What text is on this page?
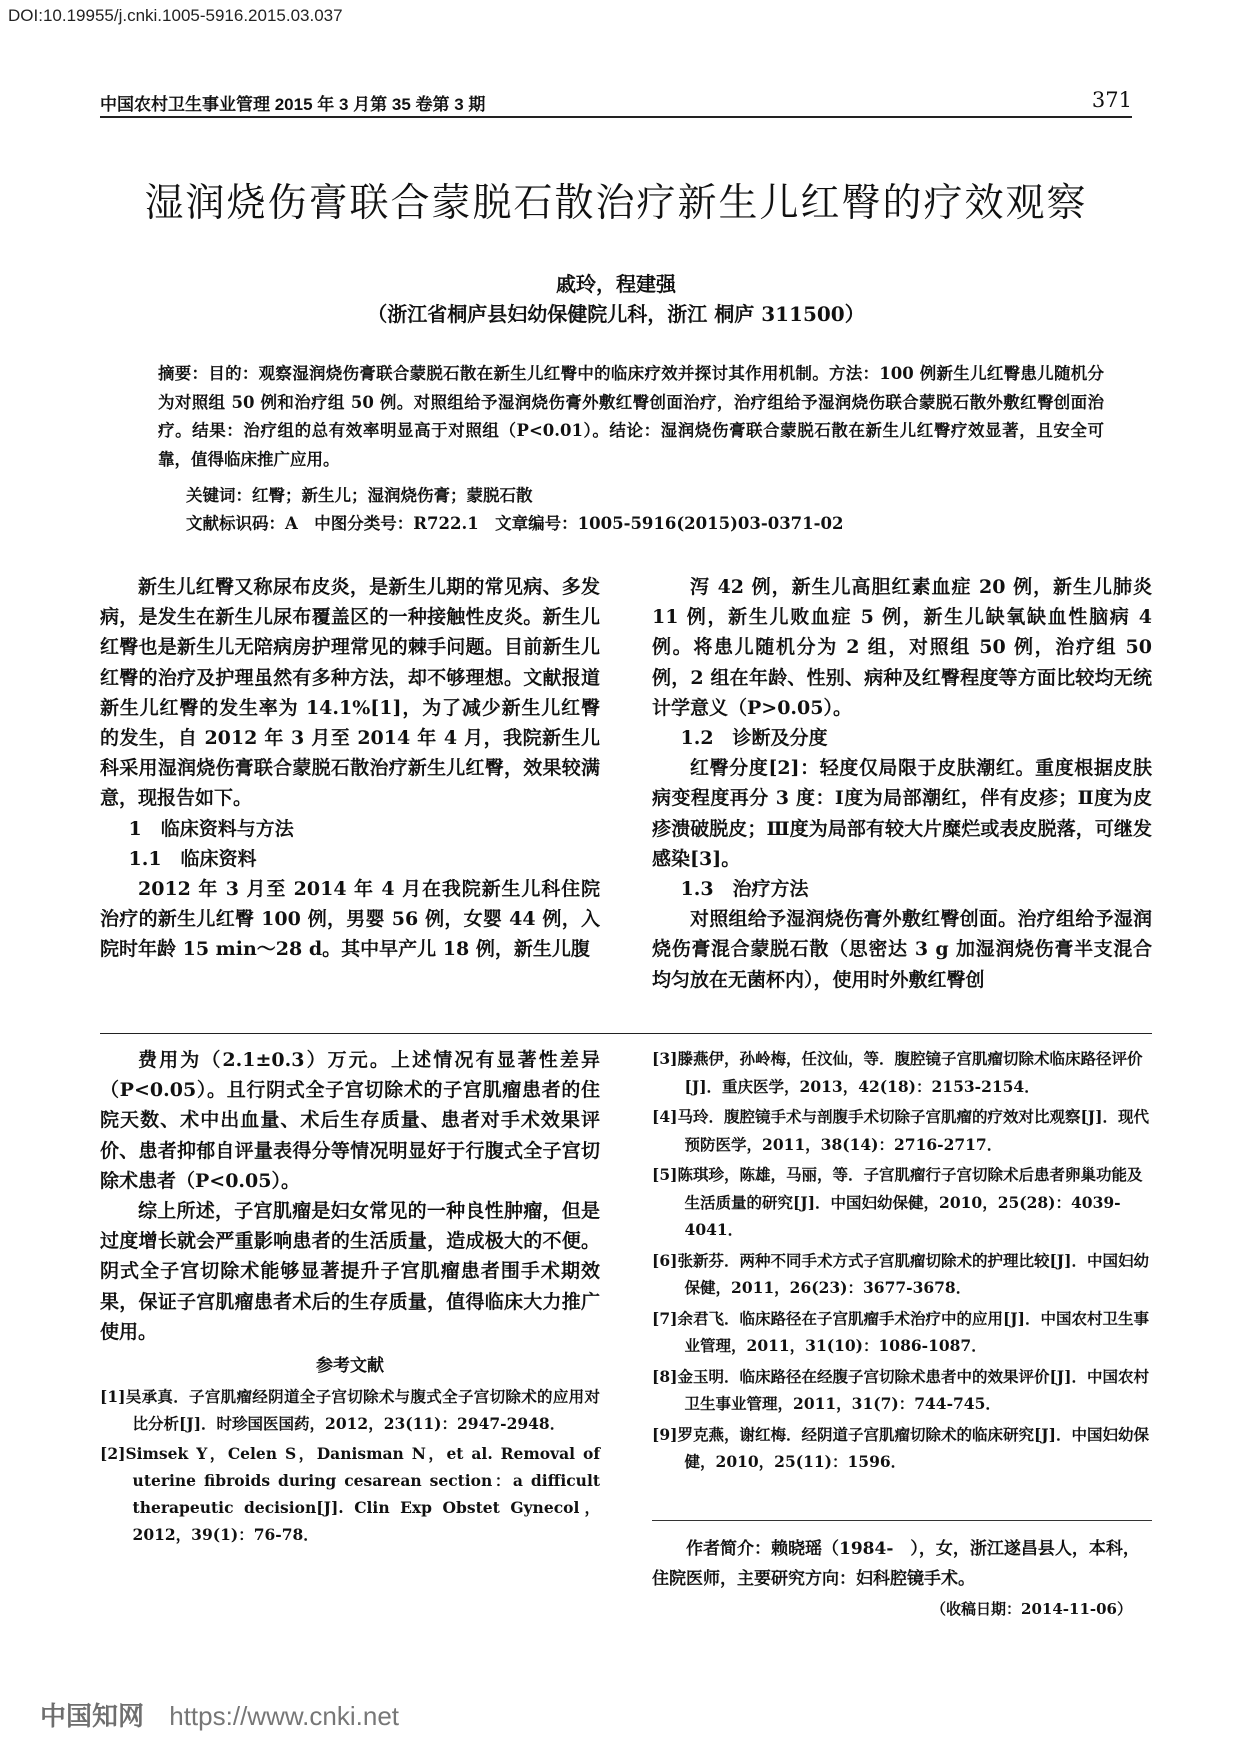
DOI:10.19955/j.cnki.1005-5916.2015.03.037
中国农村卫生事业管理 2015 年 3 月第 35 卷第 3 期	371
湿润烧伤膏联合蒙脱石散治疗新生儿红臀的疗效观察
戚玲，程建强
（浙江省桐庐县妇幼保健院儿科，浙江 桐庐 311500）
摘要：目的：观察湿润烧伤膏联合蒙脱石散在新生儿红臀中的临床疗效并探讨其作用机制。方法：100 例新生儿红臀患儿随机分为对照组 50 例和治疗组 50 例。对照组给予湿润烧伤膏外敷红臀创面治疗，治疗组给予湿润烧伤联合蒙脱石散外敷红臀创面治疗。结果：治疗组的总有效率明显高于对照组（P<0.01）。结论：湿润烧伤膏联合蒙脱石散在新生儿红臀疗效显著，且安全可靠，值得临床推广应用。
关键词：红臀；新生儿；湿润烧伤膏；蒙脱石散
文献标识码：A　中图分类号：R722.1　文章编号：1005-5916(2015)03-0371-02

新生儿红臀又称尿布皮炎，是新生儿期的常见病、多发病，是发生在新生儿尿布覆盖区的一种接触性皮炎。新生儿红臀也是新生儿无陪病房护理常见的棘手问题。目前新生儿红臀的治疗及护理虽然有多种方法，却不够理想。文献报道新生儿红臀的发生率为 14.1%[1]，为了减少新生儿红臀的发生，自 2012 年 3 月至 2014 年 4 月，我院新生儿科采用湿润烧伤膏联合蒙脱石散治疗新生儿红臀，效果较满意，现报告如下。

1　临床资料与方法

1.1　临床资料

2012 年 3 月至 2014 年 4 月在我院新生儿科住院治疗的新生儿红臀 100 例，男婴 56 例，女婴 44 例，入院时年龄 15 min～28 d。其中早产儿 18 例，新生儿腹

泻 42 例，新生儿高胆红素血症 20 例，新生儿肺炎 11 例，新生儿败血症 5 例，新生儿缺氧缺血性脑病 4 例。将患儿随机分为 2 组，对照组 50 例，治疗组 50 例，2 组在年龄、性别、病种及红臀程度等方面比较均无统计学意义（P>0.05）。

1.2　诊断及分度

红臀分度[2]：轻度仅局限于皮肤潮红。重度根据皮肤病变程度再分 3 度：Ⅰ度为局部潮红，伴有皮疹；Ⅱ度为皮疹溃破脱皮；Ⅲ度为局部有较大片糜烂或表皮脱落，可继发感染[3]。

1.3　治疗方法

对照组给予湿润烧伤膏外敷红臀创面。治疗组给予湿润烧伤膏混合蒙脱石散（思密达 3 g 加湿润烧伤膏半支混合均匀放在无菌杯内），使用时外敷红臀创

费用为（2.1±0.3）万元。上述情况有显著性差异（P<0.05）。且行阴式全子宫切除术的子宫肌瘤患者的住院天数、术中出血量、术后生存质量、患者对手术效果评价、患者抑郁自评量表得分等情况明显好于行腹式全子宫切除术患者（P<0.05）。

综上所述，子宫肌瘤是妇女常见的一种良性肿瘤，但是过度增长就会严重影响患者的生活质量，造成极大的不便。阴式全子宫切除术能够显著提升子宫肌瘤患者围手术期效果，保证子宫肌瘤患者术后的生存质量，值得临床大力推广使用。

参考文献
[1]吴承真．子宫肌瘤经阴道全子宫切除术与腹式全子宫切除术的应用对比分析[J]．时珍国医国药，2012，23(11)：2947-2948．
[2]Simsek Y，Celen S，Danisman N，et al. Removal of uterine fibroids during cesarean section：a difficult therapeutic decision[J]. Clin Exp Obstet Gynecol，2012，39(1)：76-78．
[3]滕燕伊，孙岭梅，任汶仙，等．腹腔镜子宫肌瘤切除术临床路径评价[J]．重庆医学，2013，42(18)：2153-2154．
[4]马玲．腹腔镜手术与剖腹手术切除子宫肌瘤的疗效对比观察[J]．现代预防医学，2011，38(14)：2716-2717．
[5]陈琪珍，陈雄，马丽，等．子宫肌瘤行子宫切除术后患者卵巢功能及生活质量的研究[J]．中国妇幼保健，2010，25(28)：4039-4041．
[6]张新芬．两种不同手术方式子宫肌瘤切除术的护理比较[J]．中国妇幼保健，2011，26(23)：3677-3678．
[7]余君飞．临床路径在子宫肌瘤手术治疗中的应用[J]．中国农村卫生事业管理，2011，31(10)：1086-1087．
[8]金玉明．临床路径在经腹子宫切除术患者中的效果评价[J]．中国农村卫生事业管理，2011，31(7)：744-745．
[9]罗克燕，谢红梅．经阴道子宫肌瘤切除术的临床研究[J]．中国妇幼保健，2010，25(11)：1596．
作者简介：赖晓瑶（1984-　），女，浙江遂昌县人，本科，住院医师，主要研究方向：妇科腔镜手术。
（收稿日期：2014-11-06）
中国知网 https://www.cnki.net
